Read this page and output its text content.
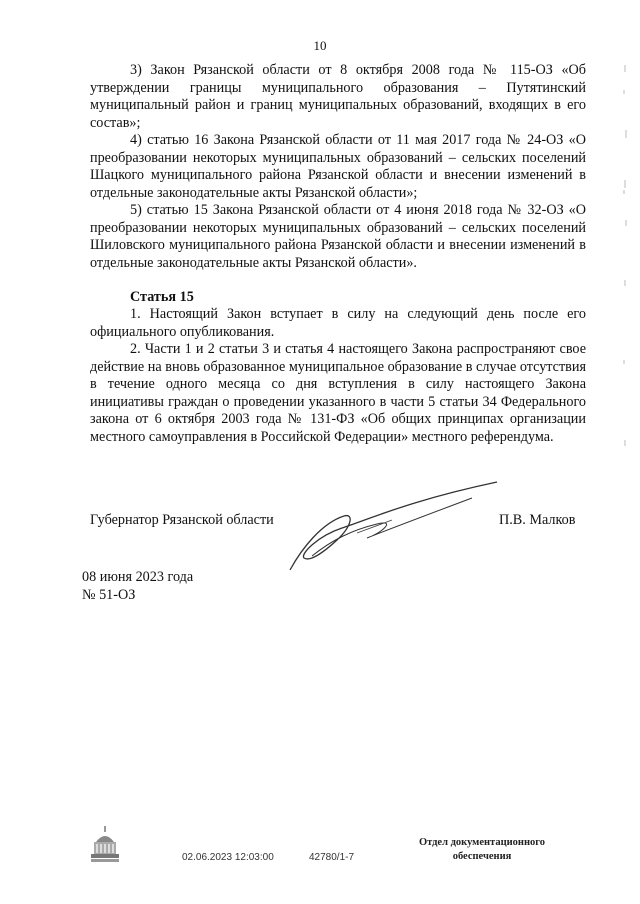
10

3) Закон Рязанской области от 8 октября 2008 года № 115-ОЗ «Об утверждении границы муниципального образования – Путятинский муниципальный район и границ муниципальных образований, входящих в его состав»;

4) статью 16 Закона Рязанской области от 11 мая 2017 года № 24-ОЗ «О преобразовании некоторых муниципальных образований – сельских поселений Шацкого муниципального района Рязанской области и внесении изменений в отдельные законодательные акты Рязанской области»;

5) статью 15 Закона Рязанской области от 4 июня 2018 года № 32-ОЗ «О преобразовании некоторых муниципальных образований – сельских поселений Шиловского муниципального района Рязанской области и внесении изменений в отдельные законодательные акты Рязанской области».

Статья 15

1. Настоящий Закон вступает в силу на следующий день после его официального опубликования.

2. Части 1 и 2 статьи 3 и статья 4 настоящего Закона распространяют свое действие на вновь образованное муниципальное образование в случае отсутствия в течение одного месяца со дня вступления в силу настоящего Закона инициативы граждан о проведении указанного в части 5 статьи 34 Федерального закона от 6 октября 2003 года № 131-ФЗ «Об общих принципах организации местного самоуправления в Российской Федерации» местного референдума.

Губернатор Рязанской области	П.В. Малков
08 июня 2023 года
№ 51-ОЗ
02.06.2023 12:03:00	42780/1-7
Отдел документационного
обеспечения
